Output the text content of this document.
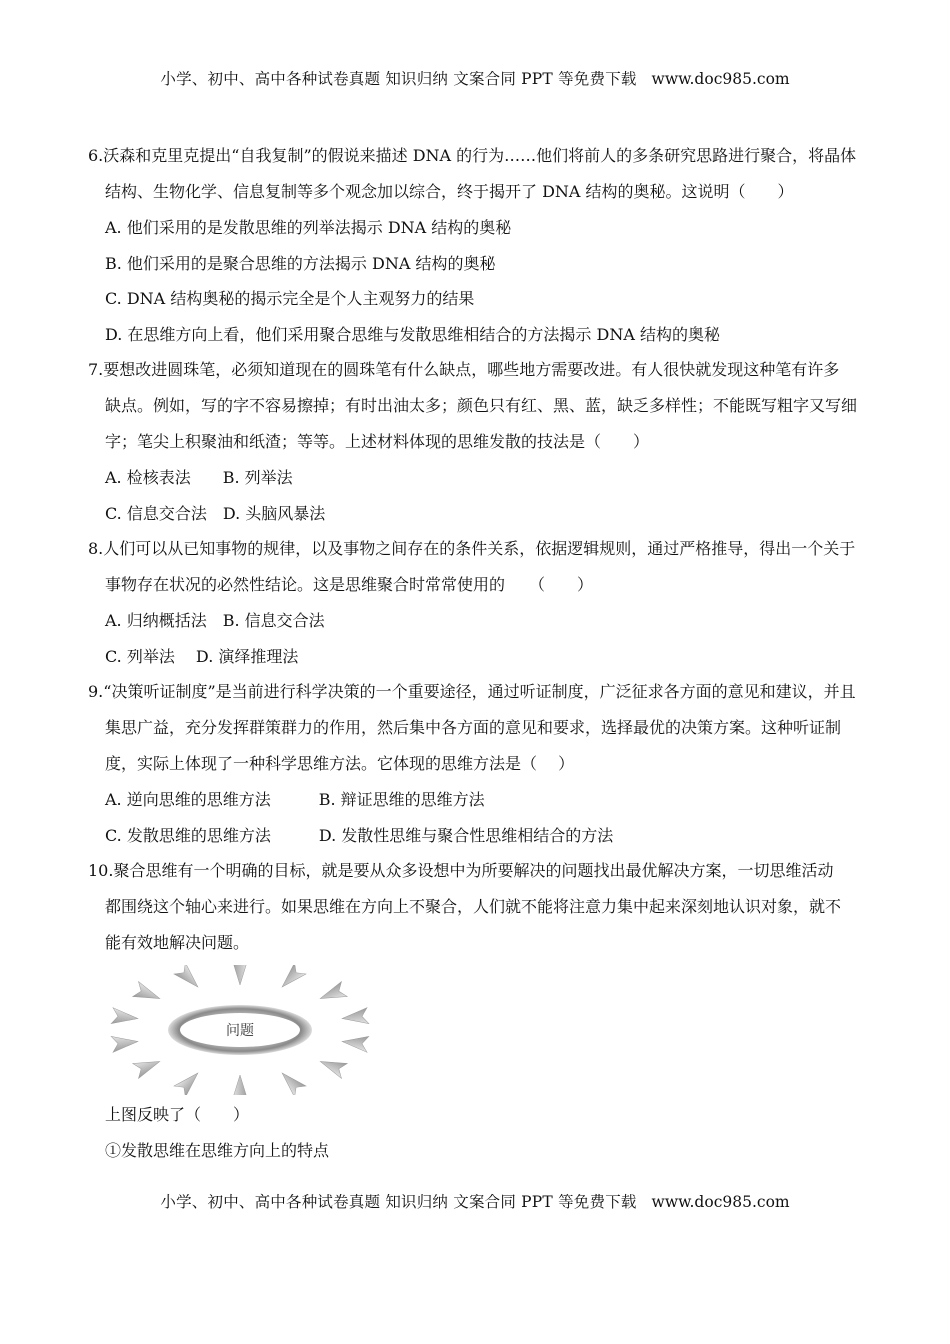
小学、初中、高中各种试卷真题 知识归纳 文案合同 PPT 等免费下载 www.doc985.com
6.沃森和克里克提出“自我复制”的假说来描述 DNA 的行为……他们将前人的多条研究思路进行聚合，将晶体
结构、生物化学、信息复制等多个观念加以综合，终于揭开了 DNA 结构的奥秘。这说明（　　）
A. 他们采用的是发散思维的列举法揭示 DNA 结构的奥秘
B. 他们采用的是聚合思维的方法揭示 DNA 结构的奥秘
C. DNA 结构奥秘的揭示完全是个人主观努力的结果
D. 在思维方向上看，他们采用聚合思维与发散思维相结合的方法揭示 DNA 结构的奥秘
7.要想改进圆珠笔，必须知道现在的圆珠笔有什么缺点，哪些地方需要改进。有人很快就发现这种笔有许多
缺点。例如，写的字不容易擦掉；有时出油太多；颜色只有红、黑、蓝，缺乏多样性；不能既写粗字又写细
字；笔尖上积聚油和纸渣；等等。上述材料体现的思维发散的技法是（　　）
A. 检核表法　　B. 列举法
C. 信息交合法　D. 头脑风暴法
8.人们可以从已知事物的规律，以及事物之间存在的条件关系，依据逻辑规则，通过严格推导，得出一个关于
事物存在状况的必然性结论。这是思维聚合时常常使用的　　（　　）
A. 归纳概括法　B. 信息交合法
C. 列举法　 D. 演绎推理法
9.“决策听证制度”是当前进行科学决策的一个重要途径，通过听证制度，广泛征求各方面的意见和建议，并且
集思广益，充分发挥群策群力的作用，然后集中各方面的意见和要求，选择最优的决策方案。这种听证制
度，实际上体现了一种科学思维方法。它体现的思维方法是（　 ）
A. 逆向思维的思维方法　　　B. 辩证思维的思维方法
C. 发散思维的思维方法　　　D. 发散性思维与聚合性思维相结合的方法
10.聚合思维有一个明确的目标，就是要从众多设想中为所要解决的问题找出最优解决方案，一切思维活动
都围绕这个轴心来进行。如果思维在方向上不聚合，人们就不能将注意力集中起来深刻地认识对象，就不
能有效地解决问题。
问题
上图反映了（　　）
①发散思维在思维方向上的特点
小学、初中、高中各种试卷真题 知识归纳 文案合同 PPT 等免费下载 www.doc985.com
